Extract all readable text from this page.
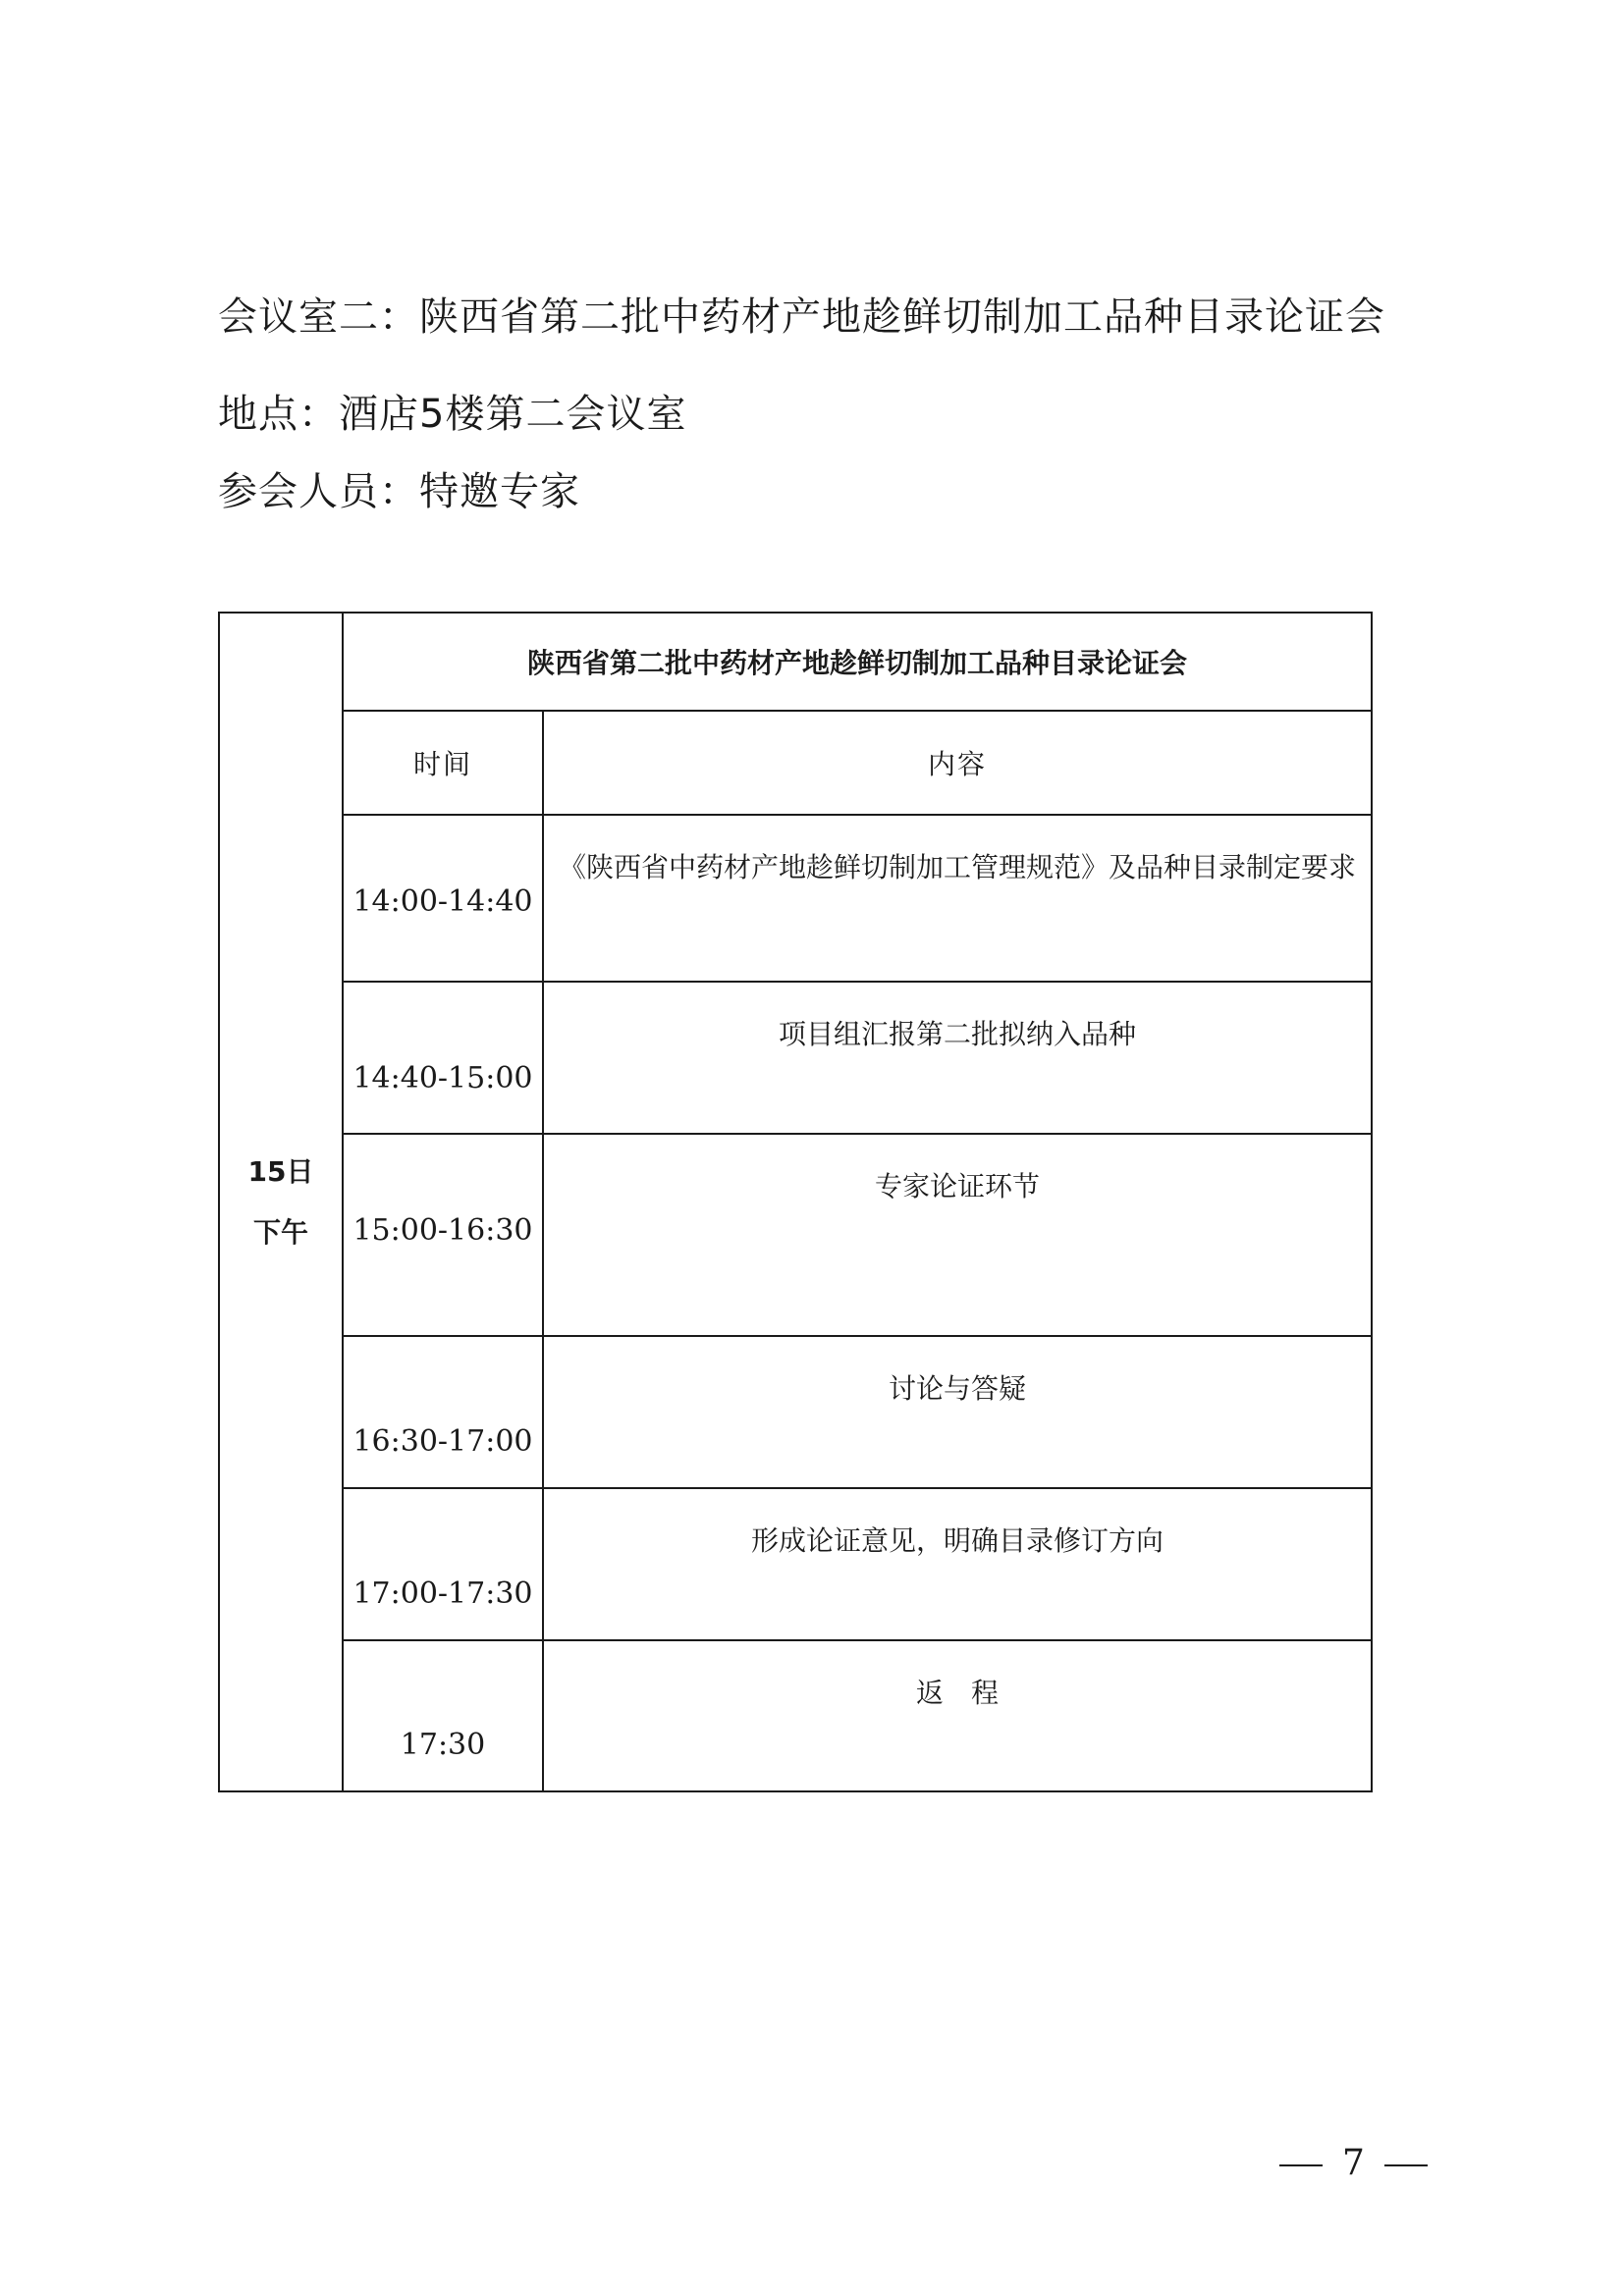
会议室二：陕西省第二批中药材产地趁鲜切制加工品种目录论证会
地点：酒店5楼第二会议室
参会人员：特邀专家
15日
下午	陕西省第二批中药材产地趁鲜切制加工品种目录论证会	
	时间	内容

	14:00-14:40	《陕西省中药材产地趁鲜切制加工管理规范》及品种目录制定要求

	14:40-15:00	项目组汇报第二批拟纳入品种

	15:00-16:30	专家论证环节

	16:30-17:00	讨论与答疑

	17:00-17:30	形成论证意见，明确目录修订方向

	17:30	返　程
7
